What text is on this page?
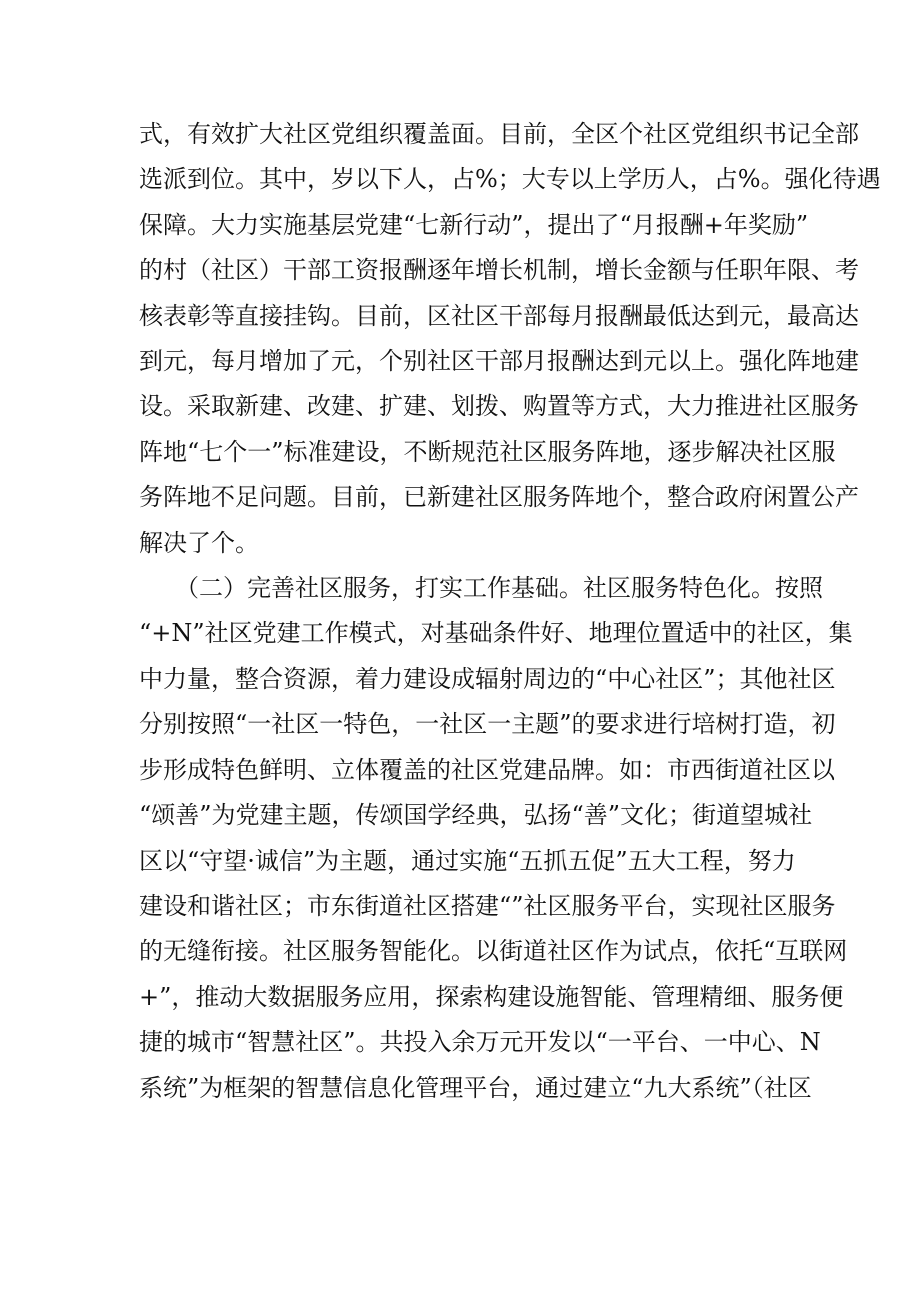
式，有效扩大社区党组织覆盖面。目前，全区个社区党组织书记全部
选派到位。其中，岁以下人，占%；大专以上学历人，占%。强化待遇
保障。大力实施基层党建“七新行动”，提出了“月报酬+年奖励”
的村（社区）干部工资报酬逐年增长机制，增长金额与任职年限、考
核表彰等直接挂钩。目前，区社区干部每月报酬最低达到元，最高达
到元，每月增加了元，个别社区干部月报酬达到元以上。强化阵地建
设。采取新建、改建、扩建、划拨、购置等方式，大力推进社区服务
阵地“七个一”标准建设，不断规范社区服务阵地，逐步解决社区服
务阵地不足问题。目前，已新建社区服务阵地个，整合政府闲置公产
解决了个。
　　（二）完善社区服务，打实工作基础。社区服务特色化。按照
“+N”社区党建工作模式，对基础条件好、地理位置适中的社区，集
中力量，整合资源，着力建设成辐射周边的“中心社区”；其他社区
分别按照“一社区一特色，一社区一主题”的要求进行培树打造，初
步形成特色鲜明、立体覆盖的社区党建品牌。如：市西街道社区以
“颂善”为党建主题，传颂国学经典，弘扬“善”文化；街道望城社
区以“守望·诚信”为主题，通过实施“五抓五促”五大工程，努力
建设和谐社区；市东街道社区搭建“”社区服务平台，实现社区服务
的无缝衔接。社区服务智能化。以街道社区作为试点，依托“互联网
+”，推动大数据服务应用，探索构建设施智能、管理精细、服务便
捷的城市“智慧社区”。共投入余万元开发以“一平台、一中心、N
系统”为框架的智慧信息化管理平台，通过建立“九大系统”（社区
